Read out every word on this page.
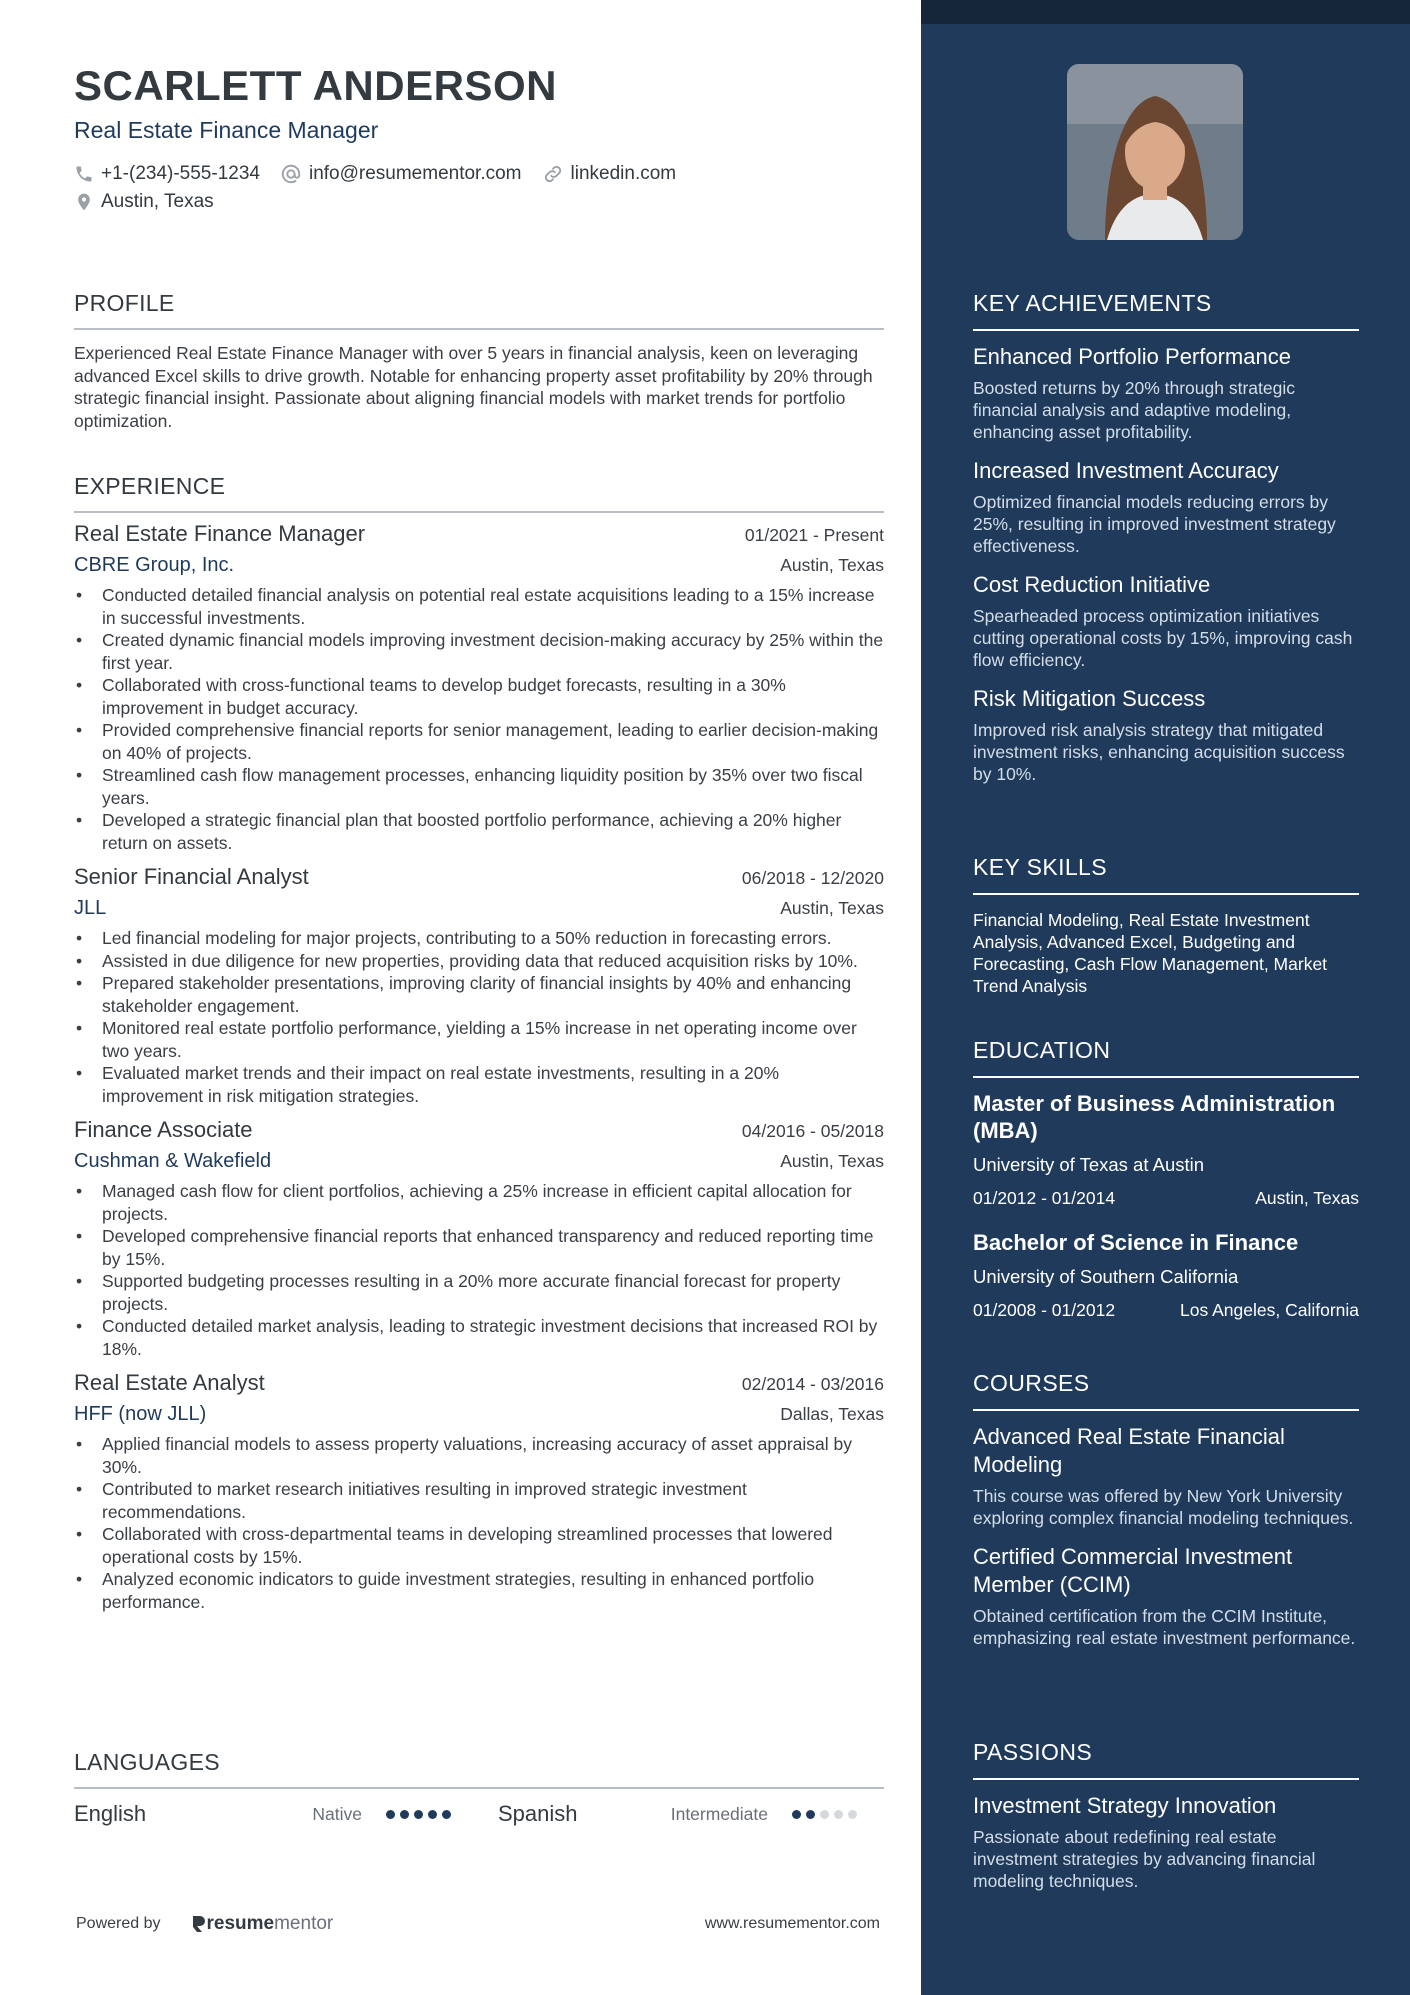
SCARLETT ANDERSON
Real Estate Finance Manager
+1-(234)-555-1234	info@resumementor.com	linkedin.com
Austin, Texas
PROFILE
Experienced Real Estate Finance Manager with over 5 years in financial analysis, keen on leveraging advanced Excel skills to drive growth. Notable for enhancing property asset profitability by 20% through strategic financial insight. Passionate about aligning financial models with market trends for portfolio optimization.
EXPERIENCE
Real Estate Finance Manager	01/2021 - Present
CBRE Group, Inc.	Austin, Texas
• Conducted detailed financial analysis on potential real estate acquisitions leading to a 15% increase in successful investments.
• Created dynamic financial models improving investment decision-making accuracy by 25% within the first year.
• Collaborated with cross-functional teams to develop budget forecasts, resulting in a 30% improvement in budget accuracy.
• Provided comprehensive financial reports for senior management, leading to earlier decision-making on 40% of projects.
• Streamlined cash flow management processes, enhancing liquidity position by 35% over two fiscal years.
• Developed a strategic financial plan that boosted portfolio performance, achieving a 20% higher return on assets.
Senior Financial Analyst	06/2018 - 12/2020
JLL	Austin, Texas
• Led financial modeling for major projects, contributing to a 50% reduction in forecasting errors.
• Assisted in due diligence for new properties, providing data that reduced acquisition risks by 10%.
• Prepared stakeholder presentations, improving clarity of financial insights by 40% and enhancing stakeholder engagement.
• Monitored real estate portfolio performance, yielding a 15% increase in net operating income over two years.
• Evaluated market trends and their impact on real estate investments, resulting in a 20% improvement in risk mitigation strategies.
Finance Associate	04/2016 - 05/2018
Cushman & Wakefield	Austin, Texas
• Managed cash flow for client portfolios, achieving a 25% increase in efficient capital allocation for projects.
• Developed comprehensive financial reports that enhanced transparency and reduced reporting time by 15%.
• Supported budgeting processes resulting in a 20% more accurate financial forecast for property projects.
• Conducted detailed market analysis, leading to strategic investment decisions that increased ROI by 18%.
Real Estate Analyst	02/2014 - 03/2016
HFF (now JLL)	Dallas, Texas
• Applied financial models to assess property valuations, increasing accuracy of asset appraisal by 30%.
• Contributed to market research initiatives resulting in improved strategic investment recommendations.
• Collaborated with cross-departmental teams in developing streamlined processes that lowered operational costs by 15%.
• Analyzed economic indicators to guide investment strategies, resulting in enhanced portfolio performance.
LANGUAGES
English	Native	Spanish	Intermediate
Powered by resume mentor	www.resumementor.com
KEY ACHIEVEMENTS
Enhanced Portfolio Performance
Boosted returns by 20% through strategic financial analysis and adaptive modeling, enhancing asset profitability.
Increased Investment Accuracy
Optimized financial models reducing errors by 25%, resulting in improved investment strategy effectiveness.
Cost Reduction Initiative
Spearheaded process optimization initiatives cutting operational costs by 15%, improving cash flow efficiency.
Risk Mitigation Success
Improved risk analysis strategy that mitigated investment risks, enhancing acquisition success by 10%.
KEY SKILLS
Financial Modeling, Real Estate Investment Analysis, Advanced Excel, Budgeting and Forecasting, Cash Flow Management, Market Trend Analysis
EDUCATION
Master of Business Administration (MBA)
University of Texas at Austin
01/2012 - 01/2014	Austin, Texas
Bachelor of Science in Finance
University of Southern California
01/2008 - 01/2012	Los Angeles, California
COURSES
Advanced Real Estate Financial Modeling
This course was offered by New York University exploring complex financial modeling techniques.
Certified Commercial Investment Member (CCIM)
Obtained certification from the CCIM Institute, emphasizing real estate investment performance.
PASSIONS
Investment Strategy Innovation
Passionate about redefining real estate investment strategies by advancing financial modeling techniques.
